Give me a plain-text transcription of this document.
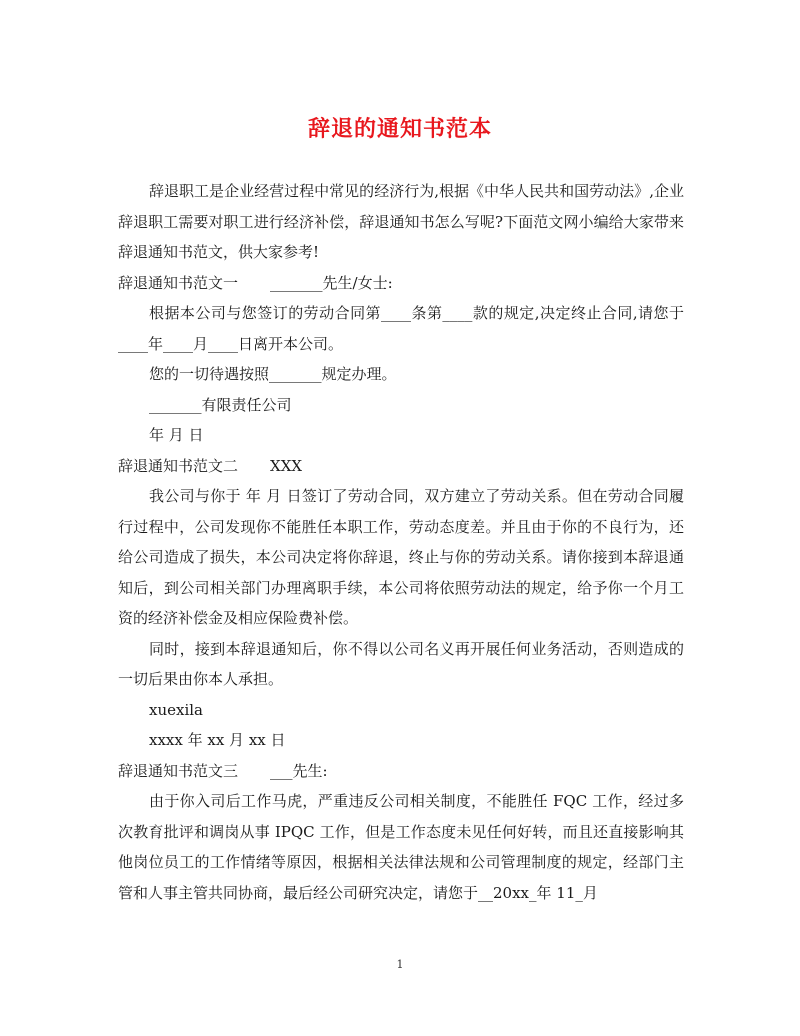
辞退的通知书范本

辞退职工是企业经营过程中常见的经济行为,根据《中华人民共和国劳动法》,企业辞退职工需要对职工进行经济补偿，辞退通知书怎么写呢?下面范文网小编给大家带来辞退通知书范文，供大家参考!

辞退通知书范文一 _______先生/女士:

根据本公司与您签订的劳动合同第____条第____款的规定,决定终止合同,请您于____年____月____日离开本公司。

您的一切待遇按照_______规定办理。

_______有限责任公司

年 月 日

辞退通知书范文二 XXX

我公司与你于 年 月 日签订了劳动合同，双方建立了劳动关系。但在劳动合同履行过程中，公司发现你不能胜任本职工作，劳动态度差。并且由于你的不良行为，还给公司造成了损失，本公司决定将你辞退，终止与你的劳动关系。请你接到本辞退通知后，到公司相关部门办理离职手续，本公司将依照劳动法的规定，给予你一个月工资的经济补偿金及相应保险费补偿。

同时，接到本辞退通知后，你不得以公司名义再开展任何业务活动，否则造成的一切后果由你本人承担。

xuexila

xxxx 年 xx 月 xx 日

辞退通知书范文三 ___先生:

由于你入司后工作马虎，严重违反公司相关制度，不能胜任 FQC 工作，经过多次教育批评和调岗从事 IPQC 工作，但是工作态度未见任何好转，而且还直接影响其他岗位员工的工作情绪等原因，根据相关法律法规和公司管理制度的规定，经部门主管和人事主管共同协商，最后经公司研究决定，请您于__20xx_年 11_月

1
